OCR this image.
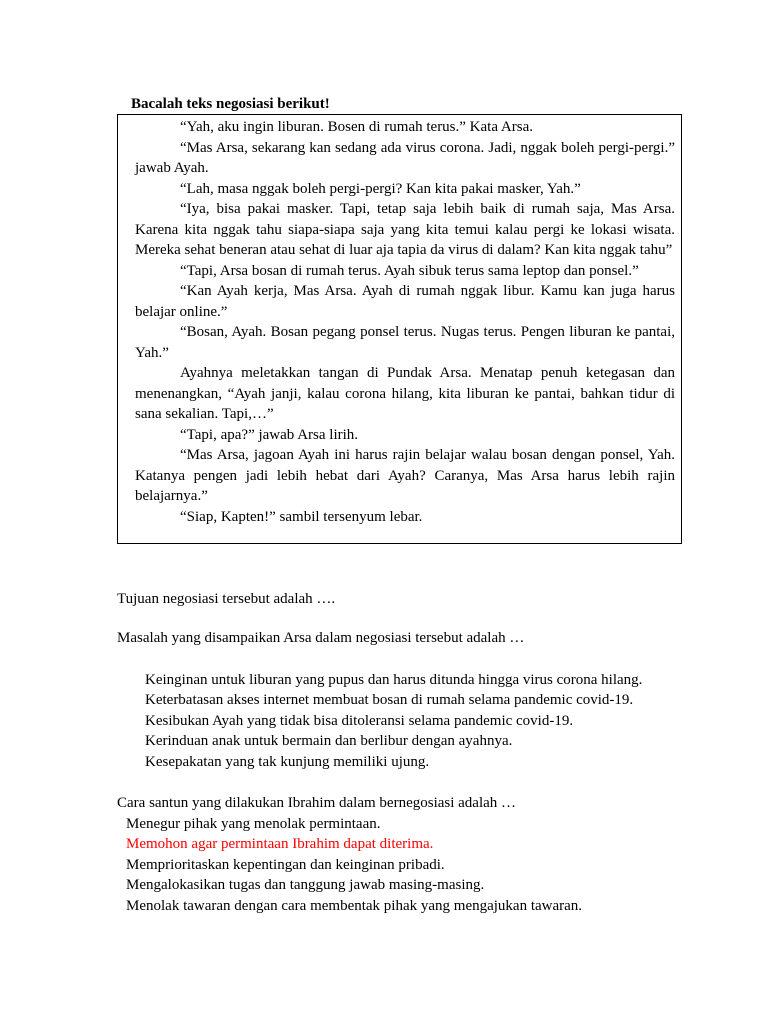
Bacalah teks negosiasi berikut!

“Yah, aku ingin liburan. Bosen di rumah terus.” Kata Arsa.

“Mas Arsa, sekarang kan sedang ada virus corona. Jadi, nggak boleh pergi-pergi.” jawab Ayah.

“Lah, masa nggak boleh pergi-pergi? Kan kita pakai masker, Yah.”

“Iya, bisa pakai masker. Tapi, tetap saja lebih baik di rumah saja, Mas Arsa. Karena kita nggak tahu siapa-siapa saja yang kita temui kalau pergi ke lokasi wisata. Mereka sehat beneran atau sehat di luar aja tapia da virus di dalam? Kan kita nggak tahu”

“Tapi, Arsa bosan di rumah terus. Ayah sibuk terus sama leptop dan ponsel.”

“Kan Ayah kerja, Mas Arsa. Ayah di rumah nggak libur. Kamu kan juga harus belajar online.”

“Bosan, Ayah. Bosan pegang ponsel terus. Nugas terus. Pengen liburan ke pantai, Yah.”

Ayahnya meletakkan tangan di Pundak Arsa. Menatap penuh ketegasan dan menenangkan, “Ayah janji, kalau corona hilang, kita liburan ke pantai, bahkan tidur di sana sekalian. Tapi,…”

“Tapi, apa?” jawab Arsa lirih.

“Mas Arsa, jagoan Ayah ini harus rajin belajar walau bosan dengan ponsel, Yah. Katanya pengen jadi lebih hebat dari Ayah? Caranya, Mas Arsa harus lebih rajin belajarnya.”

“Siap, Kapten!” sambil tersenyum lebar.

Tujuan negosiasi tersebut adalah ….

Masalah yang disampaikan Arsa dalam negosiasi tersebut adalah …

Keinginan untuk liburan yang pupus dan harus ditunda hingga virus corona hilang.
Keterbatasan akses internet membuat bosan di rumah selama pandemic covid-19.
Kesibukan Ayah yang tidak bisa ditoleransi selama pandemic covid-19.
Kerinduan anak untuk bermain dan berlibur dengan ayahnya.
Kesepakatan yang tak kunjung memiliki ujung.

Cara santun yang dilakukan Ibrahim dalam bernegosiasi adalah …

Menegur pihak yang menolak permintaan.
Memohon agar permintaan Ibrahim dapat diterima.
Memprioritaskan kepentingan dan keinginan pribadi.
Mengalokasikan tugas dan tanggung jawab masing-masing.
Menolak tawaran dengan cara membentak pihak yang mengajukan tawaran.
